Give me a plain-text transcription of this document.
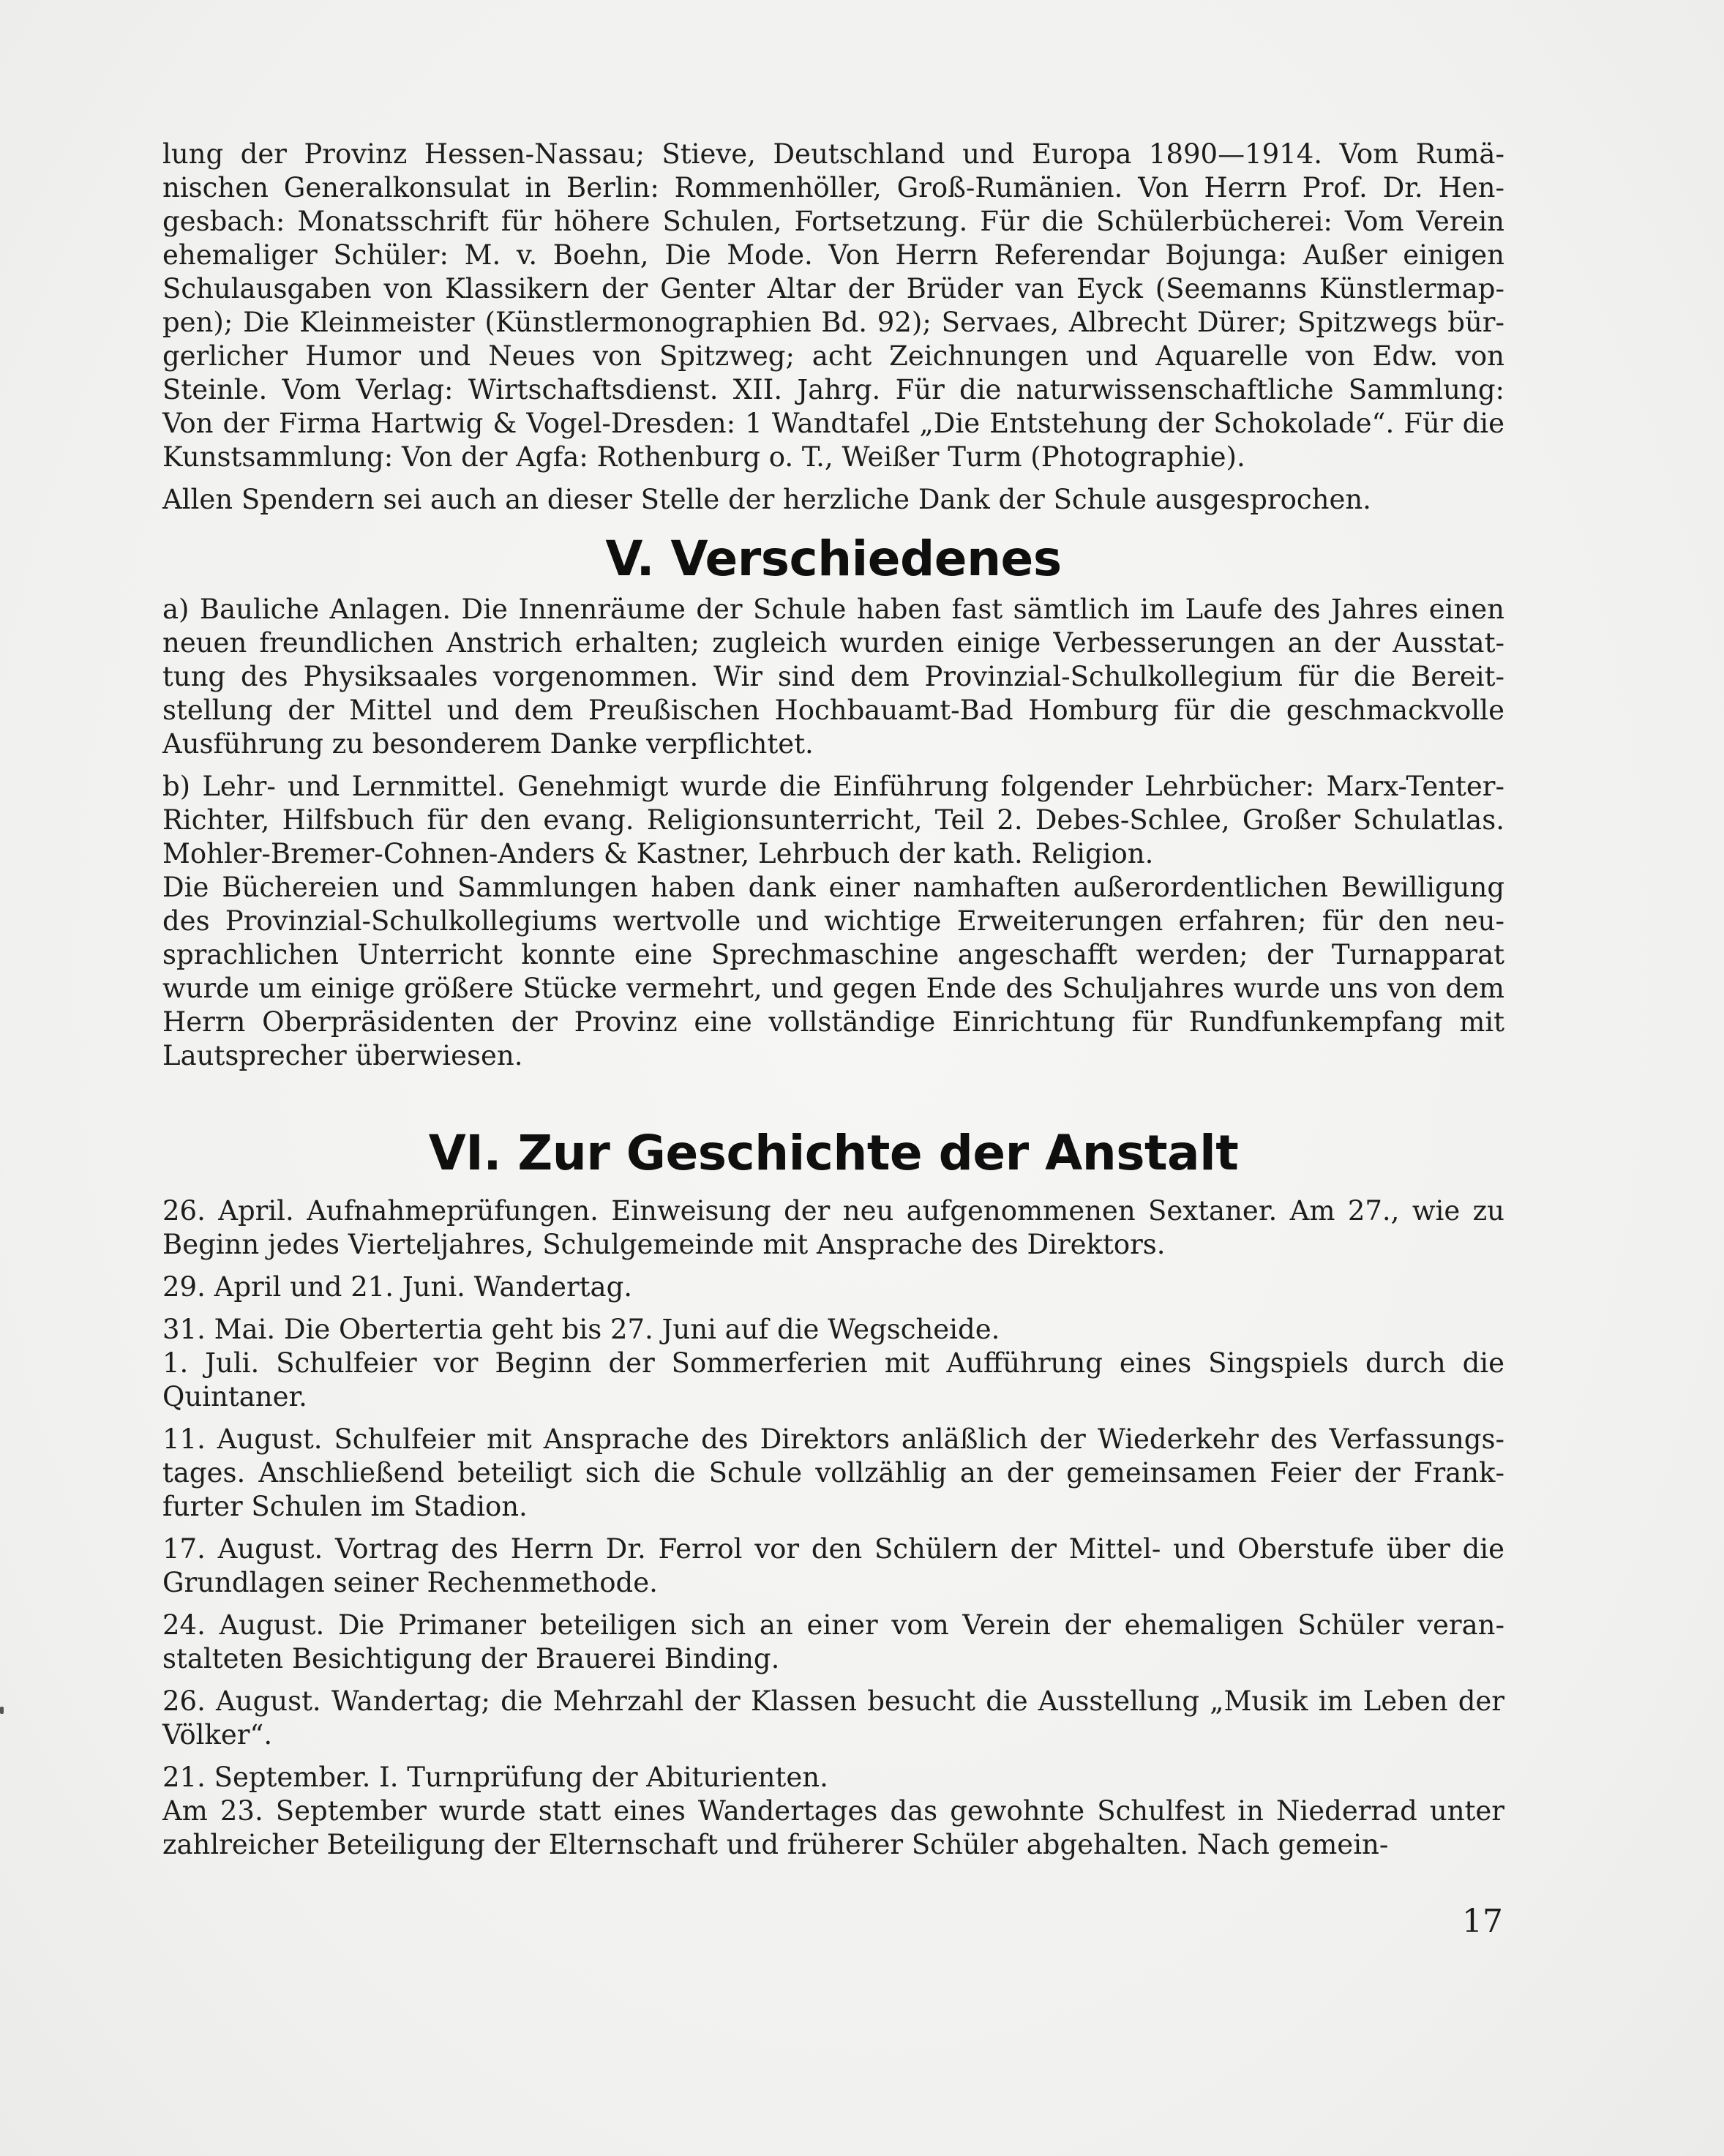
lung der Provinz Hessen-Nassau; Stieve, Deutschland und Europa 1890—1914. Vom Rumänischen Generalkonsulat in Berlin: Rommenhöller, Groß-Rumänien. Von Herrn Prof. Dr. Hengesbach: Monatsschrift für höhere Schulen, Fortsetzung. Für die Schülerbücherei: Vom Verein ehemaliger Schüler: M. v. Boehn, Die Mode. Von Herrn Referendar Bojunga: Außer einigen Schulausgaben von Klassikern der Genter Altar der Brüder van Eyck (Seemanns Künstlermappen); Die Kleinmeister (Künstlermonographien Bd. 92); Servaes, Albrecht Dürer; Spitzwegs bürgerlicher Humor und Neues von Spitzweg; acht Zeichnungen und Aquarelle von Edw. von Steinle. Vom Verlag: Wirtschaftsdienst. XII. Jahrg. Für die naturwissenschaftliche Sammlung: Von der Firma Hartwig & Vogel-Dresden: 1 Wandtafel „Die Entstehung der Schokolade“. Für die Kunstsammlung: Von der Agfa: Rothenburg o. T., Weißer Turm (Photographie).

Allen Spendern sei auch an dieser Stelle der herzliche Dank der Schule ausgesprochen.

V. Verschiedenes

a) Bauliche Anlagen. Die Innenräume der Schule haben fast sämtlich im Laufe des Jahres einen neuen freundlichen Anstrich erhalten; zugleich wurden einige Verbesserungen an der Ausstattung des Physiksaales vorgenommen. Wir sind dem Provinzial-Schulkollegium für die Bereitstellung der Mittel und dem Preußischen Hochbauamt-Bad Homburg für die geschmackvolle Ausführung zu besonderem Danke verpflichtet.

b) Lehr- und Lernmittel. Genehmigt wurde die Einführung folgender Lehrbücher: Marx-Tenter-Richter, Hilfsbuch für den evang. Religionsunterricht, Teil 2. Debes-Schlee, Großer Schulatlas. Mohler-Bremer-Cohnen-Anders & Kastner, Lehrbuch der kath. Religion.

Die Büchereien und Sammlungen haben dank einer namhaften außerordentlichen Bewilligung des Provinzial-Schulkollegiums wertvolle und wichtige Erweiterungen erfahren; für den neusprachlichen Unterricht konnte eine Sprechmaschine angeschafft werden; der Turnapparat wurde um einige größere Stücke vermehrt, und gegen Ende des Schuljahres wurde uns von dem Herrn Oberpräsidenten der Provinz eine vollständige Einrichtung für Rundfunkempfang mit Lautsprecher überwiesen.

VI. Zur Geschichte der Anstalt

26. April. Aufnahmeprüfungen. Einweisung der neu aufgenommenen Sextaner. Am 27., wie zu Beginn jedes Vierteljahres, Schulgemeinde mit Ansprache des Direktors.

29. April und 21. Juni. Wandertag.

31. Mai. Die Obertertia geht bis 27. Juni auf die Wegscheide.

1. Juli. Schulfeier vor Beginn der Sommerferien mit Aufführung eines Singspiels durch die Quintaner.

11. August. Schulfeier mit Ansprache des Direktors anläßlich der Wiederkehr des Verfassungstages. Anschließend beteiligt sich die Schule vollzählig an der gemeinsamen Feier der Frankfurter Schulen im Stadion.

17. August. Vortrag des Herrn Dr. Ferrol vor den Schülern der Mittel- und Oberstufe über die Grundlagen seiner Rechenmethode.

24. August. Die Primaner beteiligen sich an einer vom Verein der ehemaligen Schüler veranstalteten Besichtigung der Brauerei Binding.

26. August. Wandertag; die Mehrzahl der Klassen besucht die Ausstellung „Musik im Leben der Völker“.

21. September. I. Turnprüfung der Abiturienten.

Am 23. September wurde statt eines Wandertages das gewohnte Schulfest in Niederrad unter zahlreicher Beteiligung der Elternschaft und früherer Schüler abgehalten. Nach gemein-

17
